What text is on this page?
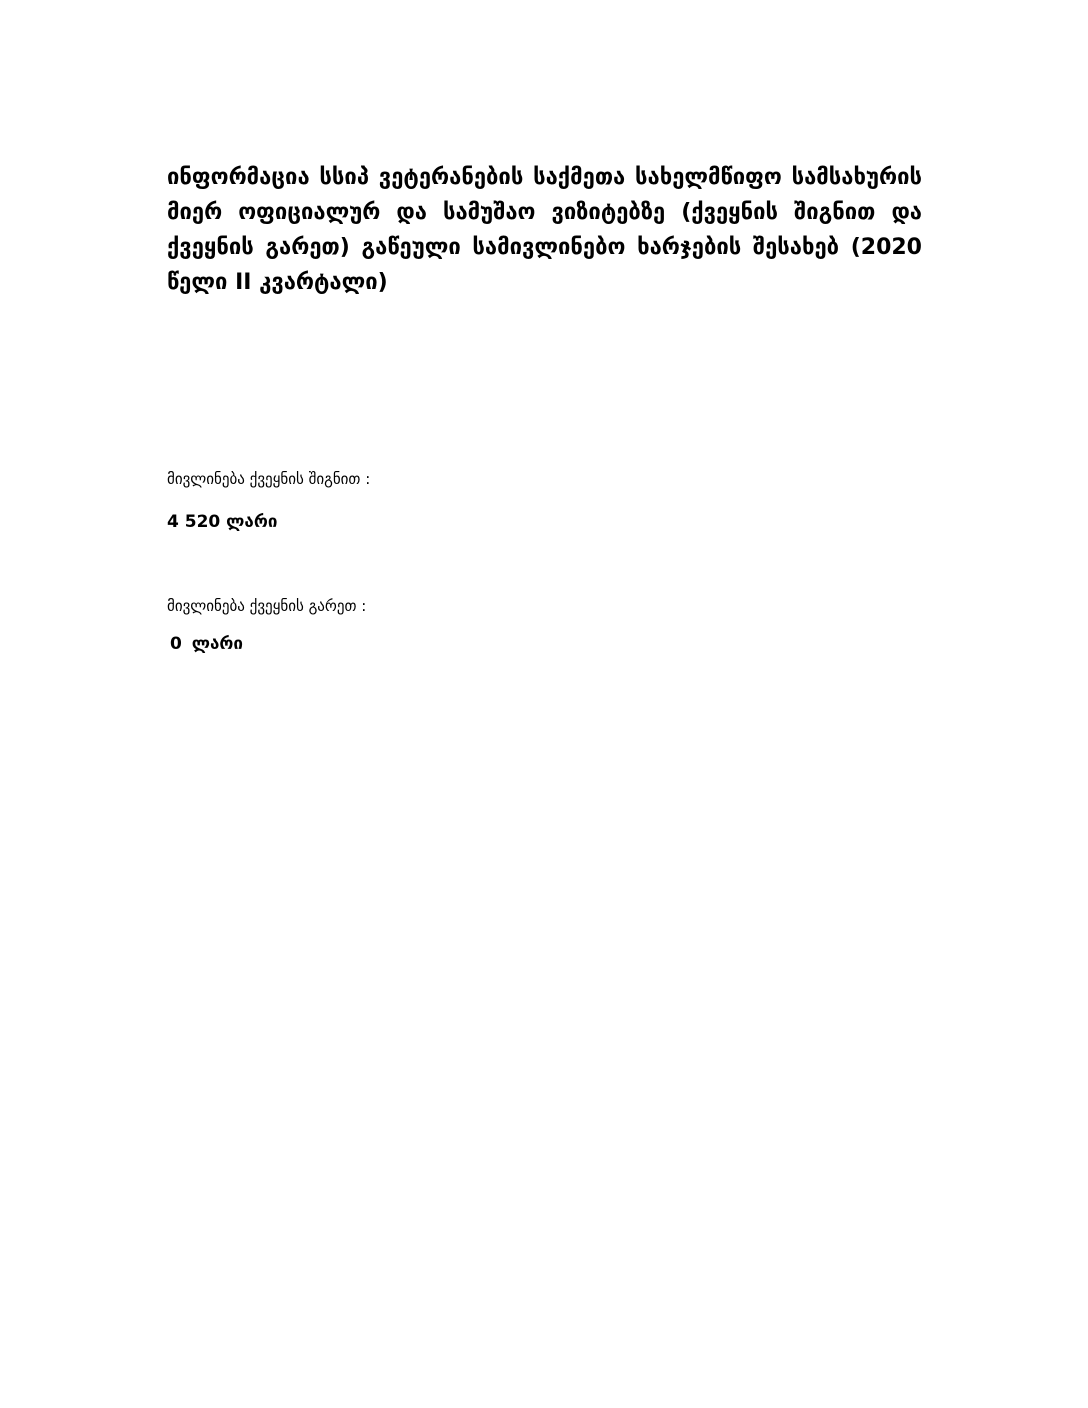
ინფორმაცია სსიპ ვეტერანების საქმეთა სახელმწიფო სამსახურის მიერ ოფიციალურ და სამუშაო ვიზიტებზე (ქვეყნის შიგნით და ქვეყნის გარეთ) გაწეული სამივლინებო ხარჯების შესახებ (2020 წელი II კვარტალი)

მივლინება ქვეყნის შიგნით :

4 520 ლარი

მივლინება ქვეყნის გარეთ :

0 ლარი
